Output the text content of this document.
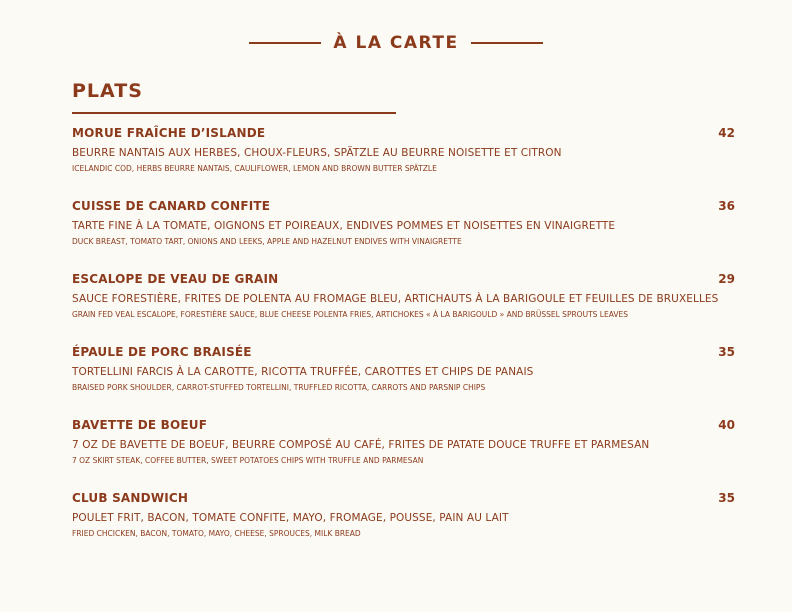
À LA CARTE
PLATS
MORUE FRAÎCHE D’ISLANDE	42
BEURRE NANTAIS AUX HERBES, CHOUX-FLEURS, SPÄTZLE AU BEURRE NOISETTE ET CITRON
ICELANDIC COD, HERBS BEURRE NANTAIS, CAULIFLOWER, LEMON AND BROWN BUTTER SPÄTZLE
CUISSE DE CANARD CONFITE	36
TARTE FINE À LA TOMATE, OIGNONS ET POIREAUX, ENDIVES POMMES ET NOISETTES EN VINAIGRETTE
DUCK BREAST, TOMATO TART, ONIONS AND LEEKS, APPLE AND HAZELNUT ENDIVES WITH VINAIGRETTE
ESCALOPE DE VEAU DE GRAIN	29
SAUCE FORESTIÈRE, FRITES DE POLENTA AU FROMAGE BLEU, ARTICHAUTS À LA BARIGOULE ET FEUILLES DE BRUXELLES
GRAIN FED VEAL ESCALOPE, FORESTIÈRE SAUCE, BLUE CHEESE POLENTA FRIES, ARTICHOKES « À LA BARIGOULD » AND BRÜSSEL SPROUTS LEAVES
ÉPAULE DE PORC BRAISÉE	35
TORTELLINI FARCIS À LA CAROTTE, RICOTTA TRUFFÉE, CAROTTES ET CHIPS DE PANAIS
BRAISED PORK SHOULDER, CARROT-STUFFED TORTELLINI, TRUFFLED RICOTTA, CARROTS AND PARSNIP CHIPS
BAVETTE DE BOEUF	40
7 OZ DE BAVETTE DE BOEUF, BEURRE COMPOSÉ AU CAFÉ, FRITES DE PATATE DOUCE TRUFFE ET PARMESAN
7 OZ SKIRT STEAK, COFFEE BUTTER, SWEET POTATOES CHIPS WITH TRUFFLE AND PARMESAN
CLUB SANDWICH	35
POULET FRIT, BACON, TOMATE CONFITE, MAYO, FROMAGE, POUSSE, PAIN AU LAIT
FRIED CHCICKEN, BACON, TOMATO, MAYO, CHEESE, SPROUCES, MILK BREAD
